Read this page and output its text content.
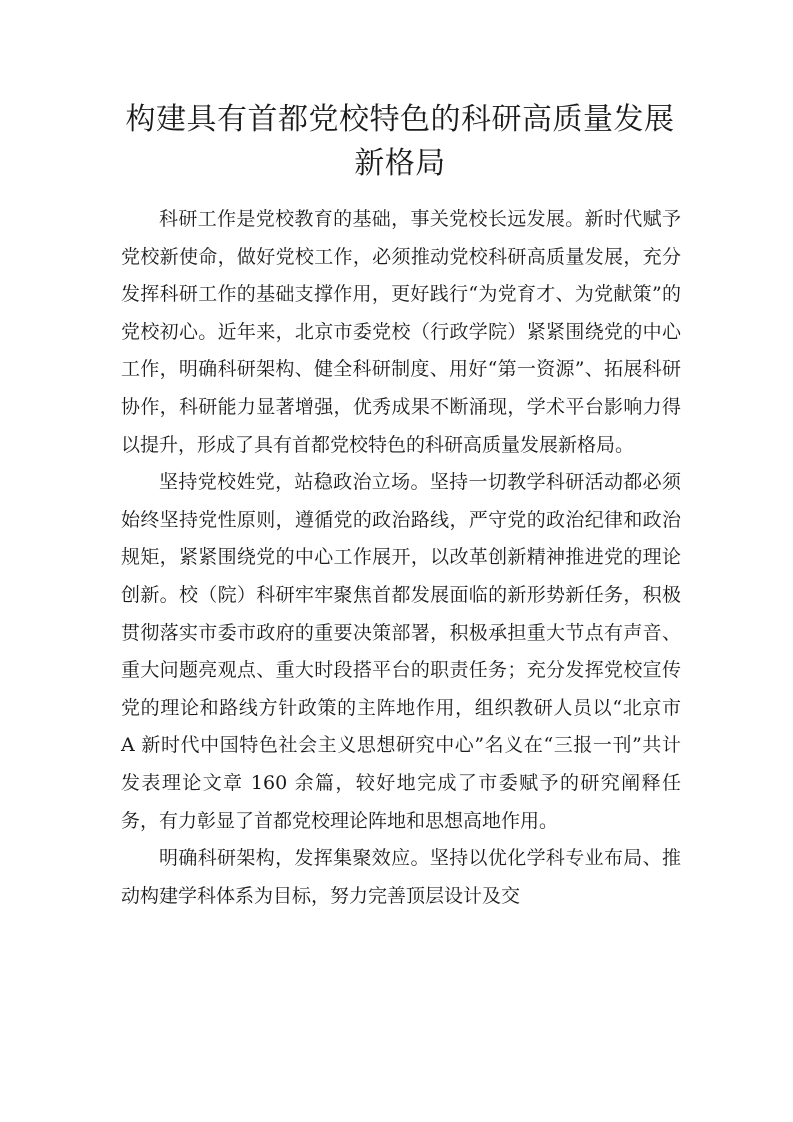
构建具有首都党校特色的科研高质量发展
新格局

科研工作是党校教育的基础，事关党校长远发展。新时代赋予党校新使命，做好党校工作，必须推动党校科研高质量发展，充分发挥科研工作的基础支撑作用，更好践行“为党育才、为党献策”的党校初心。近年来，北京市委党校（行政学院）紧紧围绕党的中心工作，明确科研架构、健全科研制度、用好“第一资源”、拓展科研协作，科研能力显著增强，优秀成果不断涌现，学术平台影响力得以提升，形成了具有首都党校特色的科研高质量发展新格局。

坚持党校姓党，站稳政治立场。坚持一切教学科研活动都必须始终坚持党性原则，遵循党的政治路线，严守党的政治纪律和政治规矩，紧紧围绕党的中心工作展开，以改革创新精神推进党的理论创新。校（院）科研牢牢聚焦首都发展面临的新形势新任务，积极贯彻落实市委市政府的重要决策部署，积极承担重大节点有声音、重大问题亮观点、重大时段搭平台的职责任务；充分发挥党校宣传党的理论和路线方针政策的主阵地作用，组织教研人员以“北京市 A 新时代中国特色社会主义思想研究中心”名义在“三报一刊”共计发表理论文章 160 余篇，较好地完成了市委赋予的研究阐释任务，有力彰显了首都党校理论阵地和思想高地作用。

明确科研架构，发挥集聚效应。坚持以优化学科专业布局、推动构建学科体系为目标，努力完善顶层设计及交
